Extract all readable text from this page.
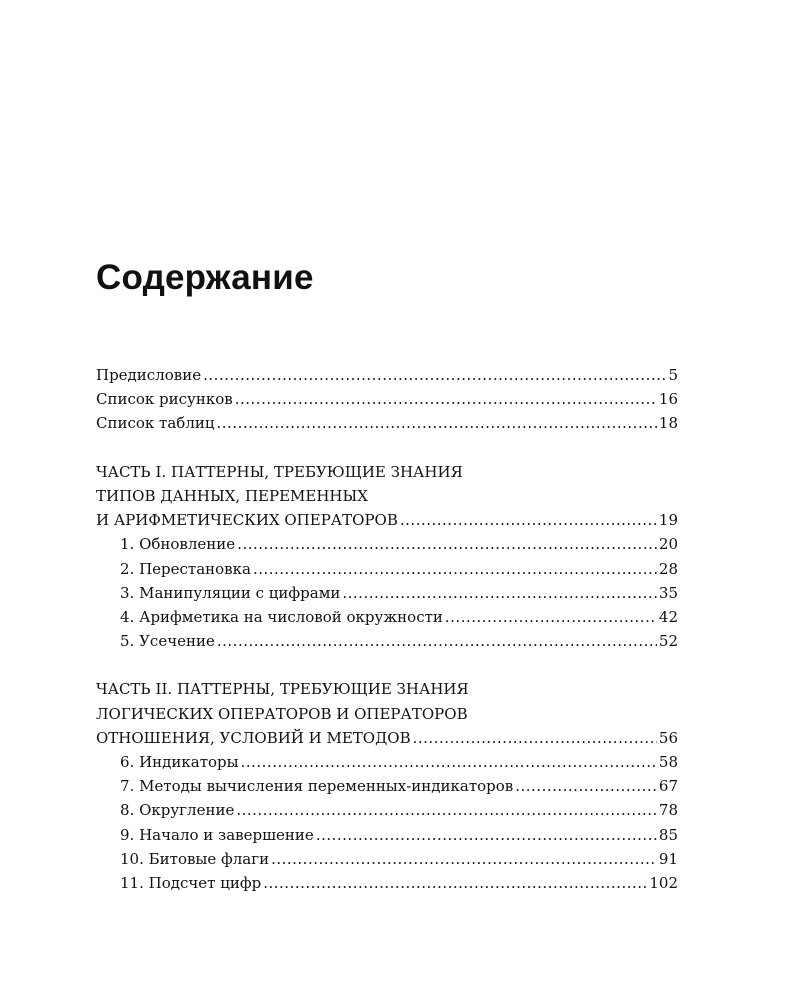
Содержание
Предисловие .....	5
Список рисунков .....	16
Список таблиц .....	18
ЧАСТЬ I. ПАТТЕРНЫ, ТРЕБУЮЩИЕ ЗНАНИЯ
ТИПОВ ДАННЫХ, ПЕРЕМЕННЫХ
И АРИФМЕТИЧЕСКИХ ОПЕРАТОРОВ .....	19
1. Обновление .....	20
2. Перестановка .....	28
3. Манипуляции с цифрами .....	35
4. Арифметика на числовой окружности .....	42
5. Усечение .....	52
ЧАСТЬ II. ПАТТЕРНЫ, ТРЕБУЮЩИЕ ЗНАНИЯ
ЛОГИЧЕСКИХ ОПЕРАТОРОВ И ОПЕРАТОРОВ
ОТНОШЕНИЯ, УСЛОВИЙ И МЕТОДОВ .....	56
6. Индикаторы .....	58
7. Методы вычисления переменных-индикаторов .....	67
8. Округление .....	78
9. Начало и завершение .....	85
10. Битовые флаги .....	91
11. Подсчет цифр .....	102
